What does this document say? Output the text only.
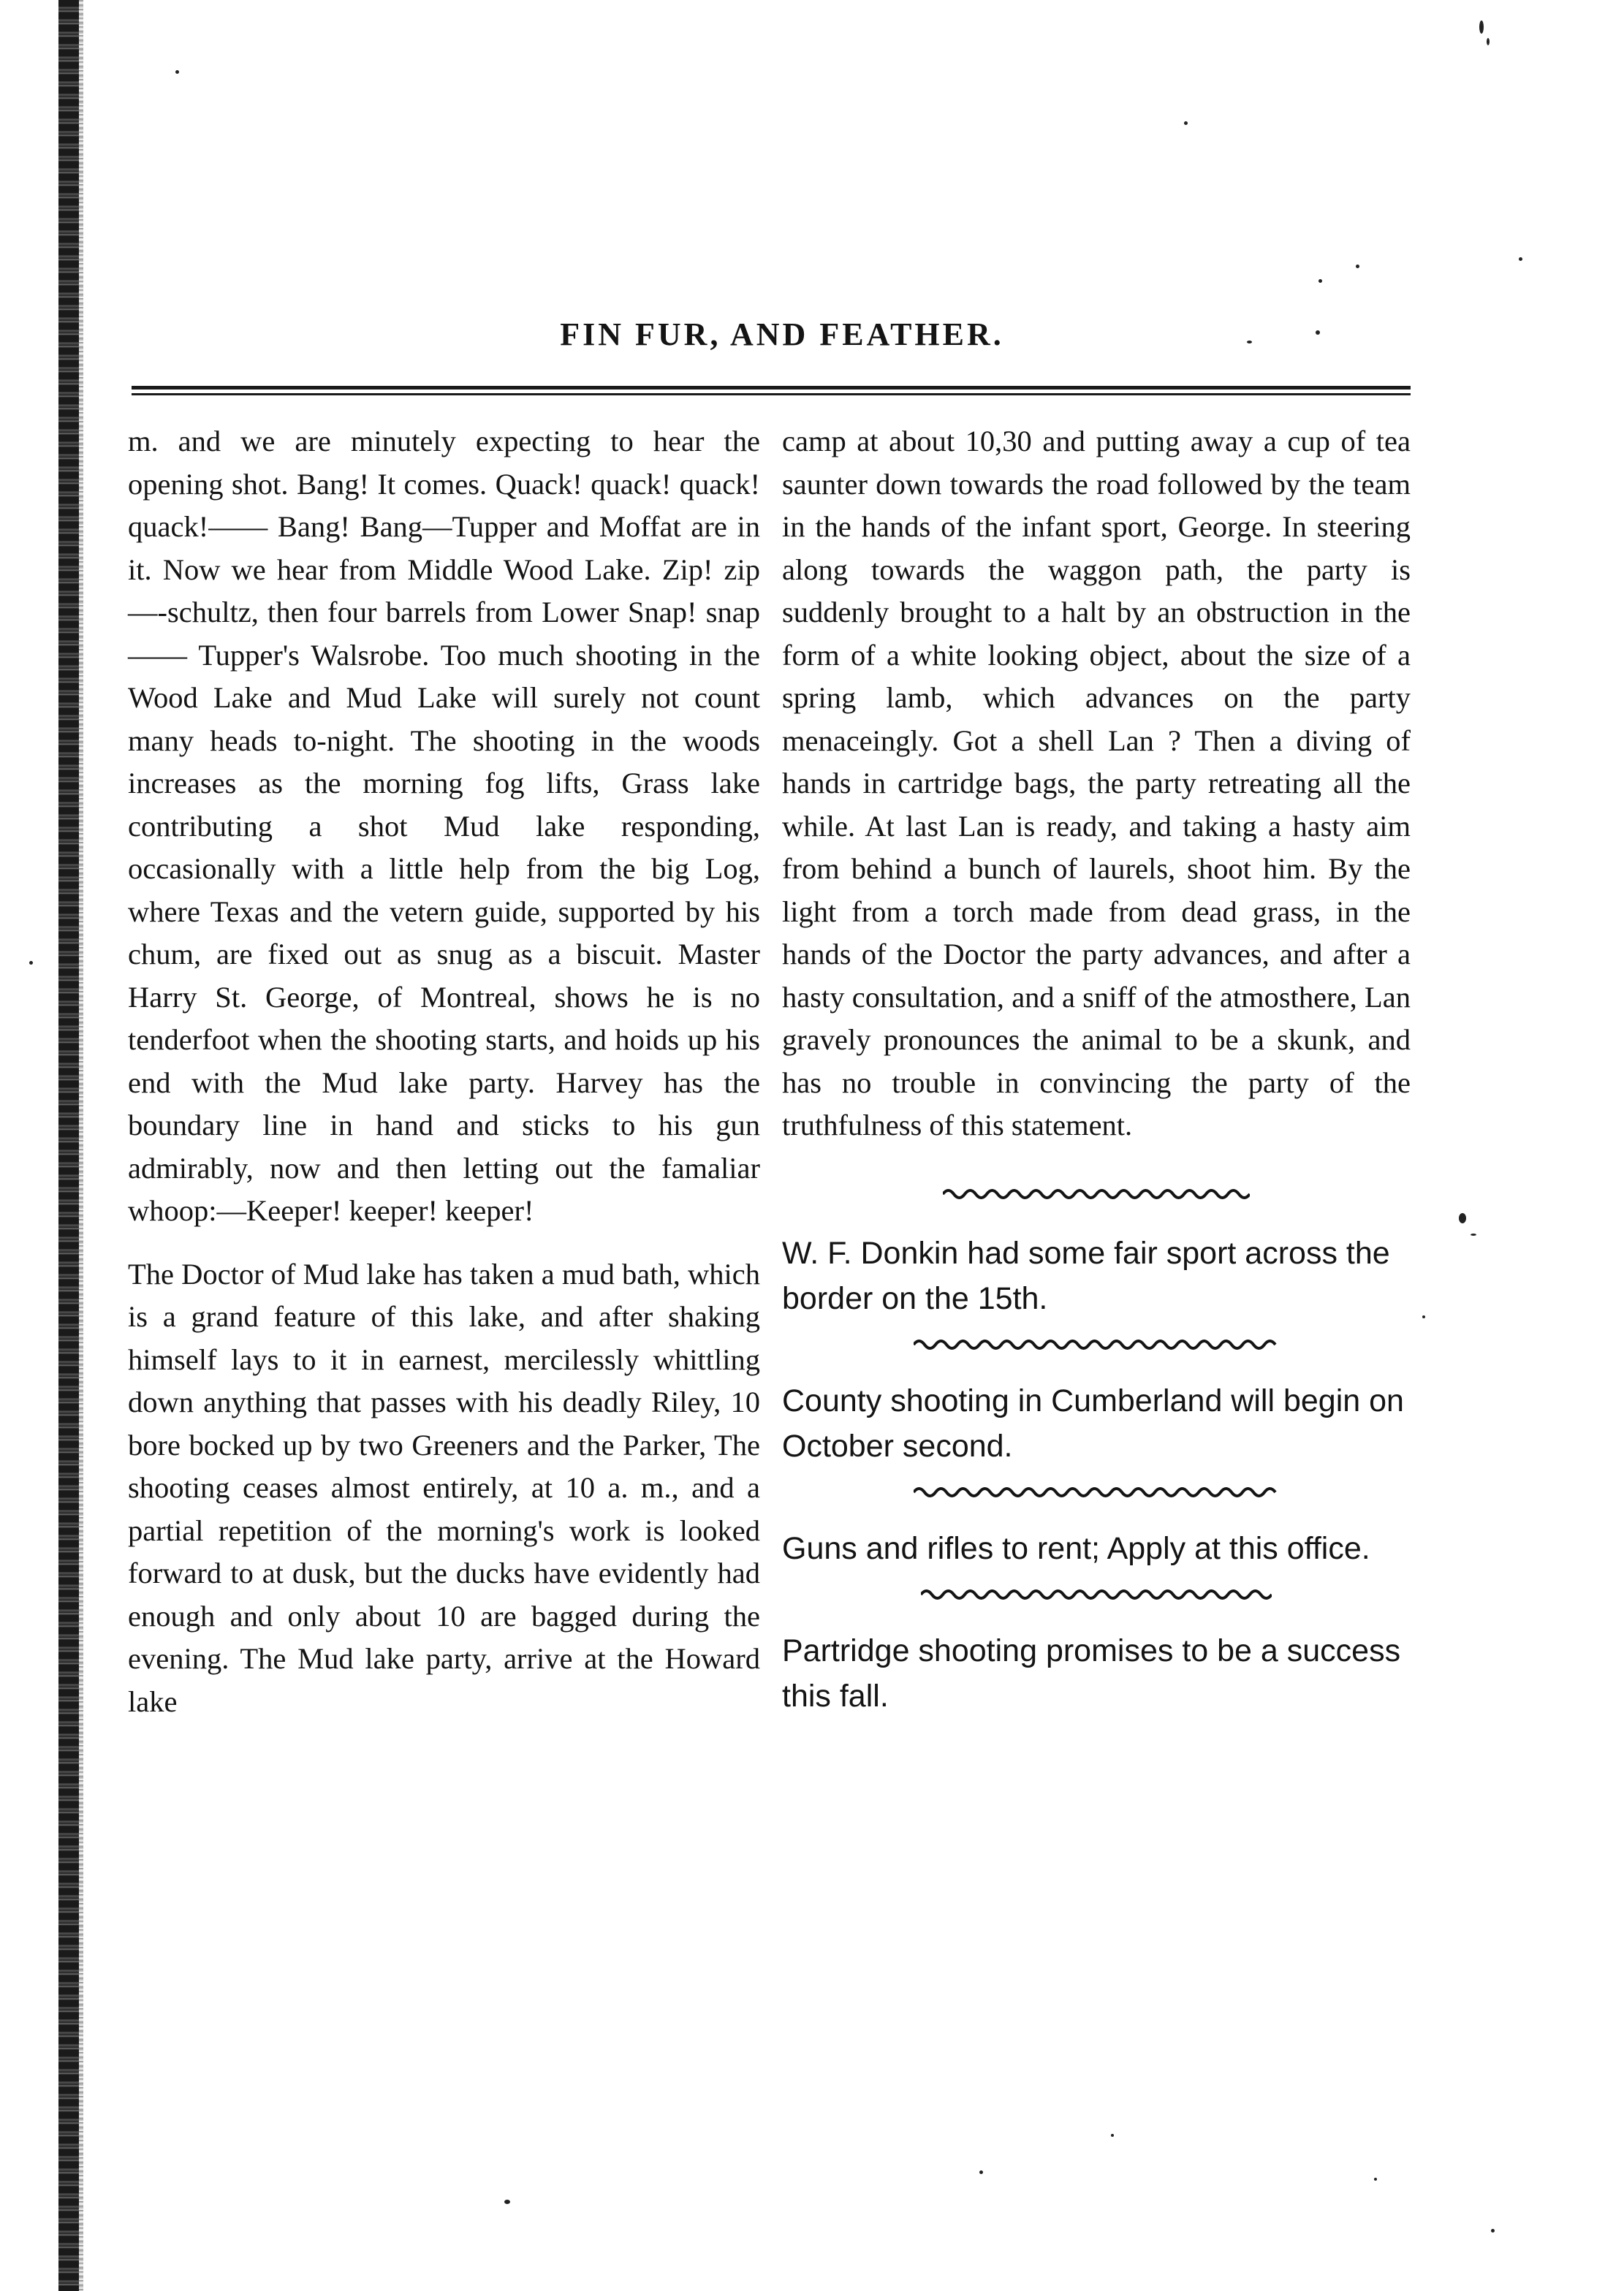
FIN FUR, AND FEATHER.

m. and we are minutely expecting to hear the opening shot. Bang! It comes. Quack! quack! quack! quack!—— Bang! Bang—Tupper and Moffat are in it. Now we hear from Middle Wood Lake. Zip! zip —-schultz, then four barrels from Lower Snap! snap —— Tupper's Walsrobe. Too much shooting in the Wood Lake and Mud Lake will surely not count many heads to-night. The shooting in the woods increases as the morning fog lifts, Grass lake contributing a shot Mud lake responding, occasionally with a little help from the big Log, where Texas and the vetern guide, supported by his chum, are fixed out as snug as a biscuit. Master Harry St. George, of Montreal, shows he is no tenderfoot when the shooting starts, and hoids up his end with the Mud lake party. Harvey has the boundary line in hand and sticks to his gun admirably, now and then letting out the famaliar whoop:—Keeper! keeper! keeper!

The Doctor of Mud lake has taken a mud bath, which is a grand feature of this lake, and after shaking himself lays to it in earnest, mercilessly whittling down anything that passes with his deadly Riley, 10 bore bocked up by two Greeners and the Parker, The shooting ceases almost entirely, at 10 a. m., and a partial repetition of the morning's work is looked forward to at dusk, but the ducks have evidently had enough and only about 10 are bagged during the evening. The Mud lake party, arrive at the Howard lake

camp at about 10,30 and putting away a cup of tea saunter down towards the road followed by the team in the hands of the infant sport, George. In steering along towards the waggon path, the party is suddenly brought to a halt by an obstruction in the form of a white looking object, about the size of a spring lamb, which advances on the party menaceingly. Got a shell Lan ? Then a diving of hands in cartridge bags, the party retreating all the while. At last Lan is ready, and taking a hasty aim from behind a bunch of laurels, shoot him. By the light from a torch made from dead grass, in the hands of the Doctor the party advances, and after a hasty consultation, and a sniff of the atmosthere, Lan gravely pronounces the animal to be a skunk, and has no trouble in convincing the party of the truthfulness of this statement.

W. F. Donkin had some fair sport across the border on the 15th.

County shooting in Cumberland will begin on October second.

Guns and rifles to rent; Apply at this office.

Partridge shooting promises to be a success this fall.
